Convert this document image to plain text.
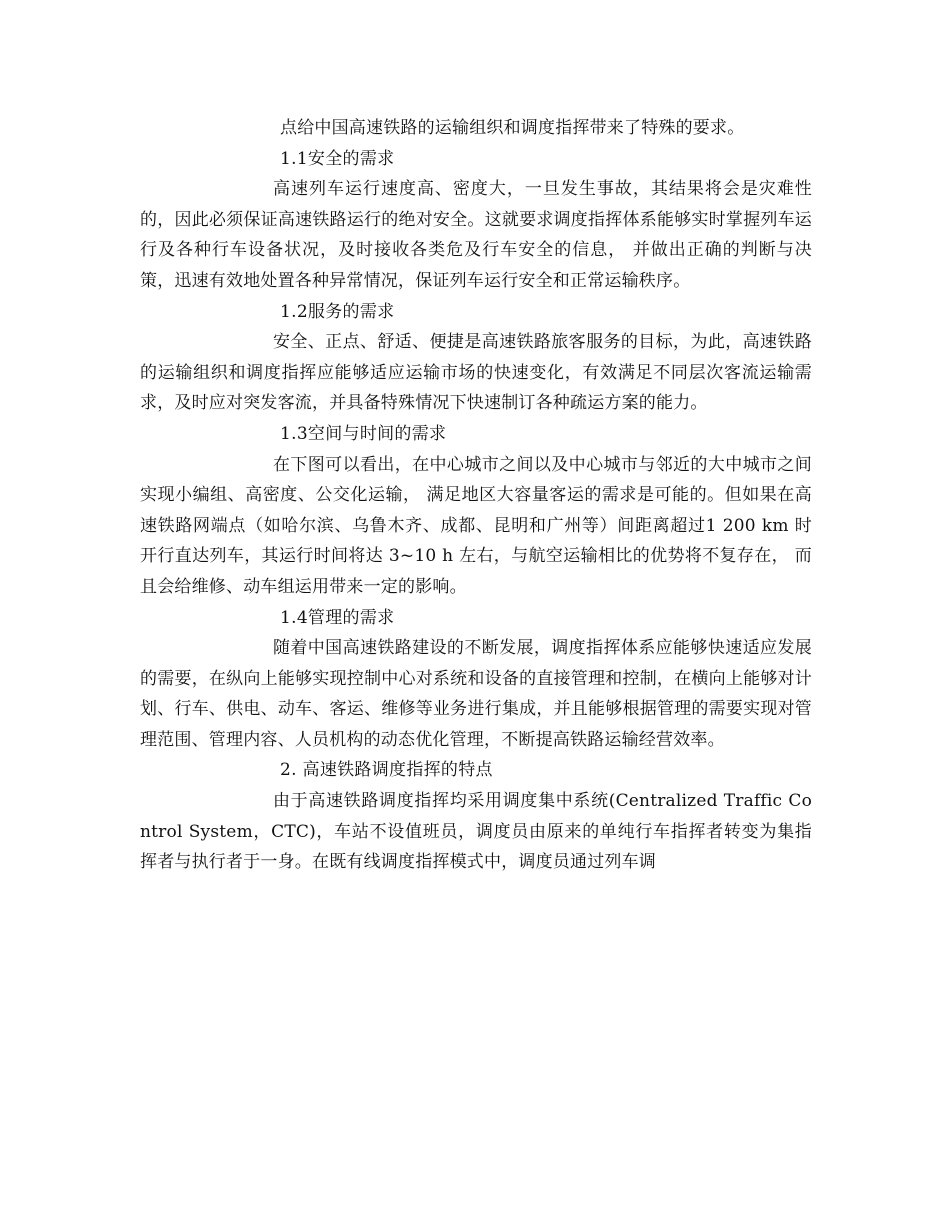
点给中国高速铁路的运输组织和调度指挥带来了特殊的要求。

1.1安全的需求

高速列车运行速度高、密度大，一旦发生事故，其结果将会是灾难性的，因此必须保证高速铁路运行的绝对安全。这就要求调度指挥体系能够实时掌握列车运行及各种行车设备状况，及时接收各类危及行车安全的信息， 并做出正确的判断与决策，迅速有效地处置各种异常情况，保证列车运行安全和正常运输秩序。

1.2服务的需求

安全、正点、舒适、便捷是高速铁路旅客服务的目标，为此，高速铁路的运输组织和调度指挥应能够适应运输市场的快速变化，有效满足不同层次客流运输需求，及时应对突发客流，并具备特殊情况下快速制订各种疏运方案的能力。

1.3空间与时间的需求

在下图可以看出，在中心城市之间以及中心城市与邻近的大中城市之间实现小编组、高密度、公交化运输， 满足地区大容量客运的需求是可能的。但如果在高速铁路网端点（如哈尔滨、乌鲁木齐、成都、昆明和广州等）间距离超过1 200 km 时开行直达列车，其运行时间将达 3~10 h 左右，与航空运输相比的优势将不复存在， 而且会给维修、动车组运用带来一定的影响。

1.4管理的需求

随着中国高速铁路建设的不断发展，调度指挥体系应能够快速适应发展的需要，在纵向上能够实现控制中心对系统和设备的直接管理和控制，在横向上能够对计划、行车、供电、动车、客运、维修等业务进行集成，并且能够根据管理的需要实现对管理范围、管理内容、人员机构的动态优化管理，不断提高铁路运输经营效率。

2. 高速铁路调度指挥的特点

由于高速铁路调度指挥均采用调度集中系统(Centralized Traffic Control System，CTC)，车站不设值班员，调度员由原来的单纯行车指挥者转变为集指挥者与执行者于一身。在既有线调度指挥模式中，调度员通过列车调
